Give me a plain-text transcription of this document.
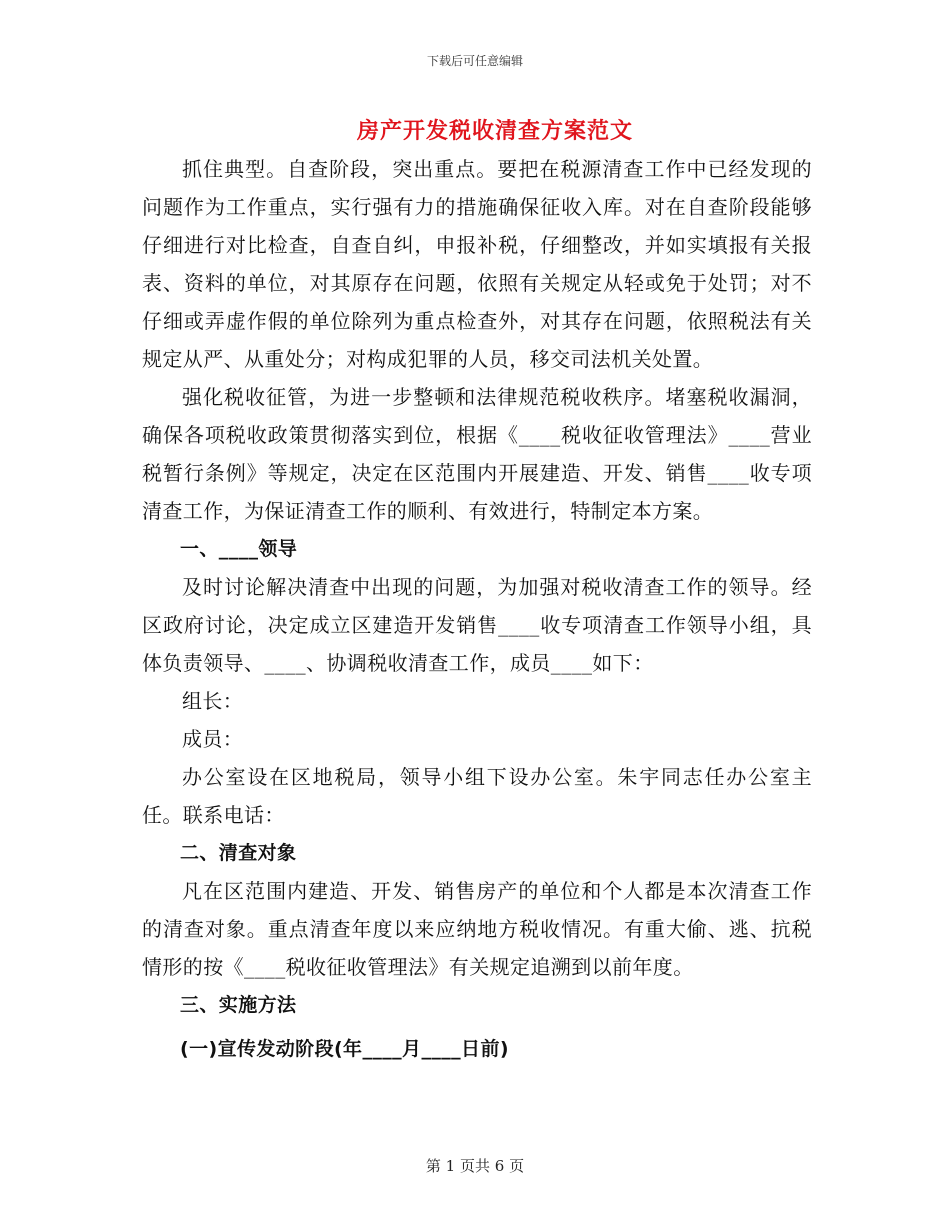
下载后可任意编辑
房产开发税收清查方案范文

抓住典型。自查阶段，突出重点。要把在税源清查工作中已经发现的问题作为工作重点，实行强有力的措施确保征收入库。对在自查阶段能够仔细进行对比检查，自查自纠，申报补税，仔细整改，并如实填报有关报表、资料的单位，对其原存在问题，依照有关规定从轻或免于处罚；对不仔细或弄虚作假的单位除列为重点检查外，对其存在问题，依照税法有关规定从严、从重处分；对构成犯罪的人员，移交司法机关处置。

强化税收征管，为进一步整顿和法律规范税收秩序。堵塞税收漏洞，确保各项税收政策贯彻落实到位，根据《____税收征收管理法》____营业税暂行条例》等规定，决定在区范围内开展建造、开发、销售____收专项清查工作，为保证清查工作的顺利、有效进行，特制定本方案。

一、____领导

及时讨论解决清查中出现的问题，为加强对税收清查工作的领导。经区政府讨论，决定成立区建造开发销售____收专项清查工作领导小组，具体负责领导、____、协调税收清查工作，成员____如下：

组长：

成员：

办公室设在区地税局，领导小组下设办公室。朱宇同志任办公室主任。联系电话：

二、清查对象

凡在区范围内建造、开发、销售房产的单位和个人都是本次清查工作的清查对象。重点清查年度以来应纳地方税收情况。有重大偷、逃、抗税情形的按《____税收征收管理法》有关规定追溯到以前年度。

三、实施方法

(一)宣传发动阶段(年____月____日前)

第 1 页共 6 页
